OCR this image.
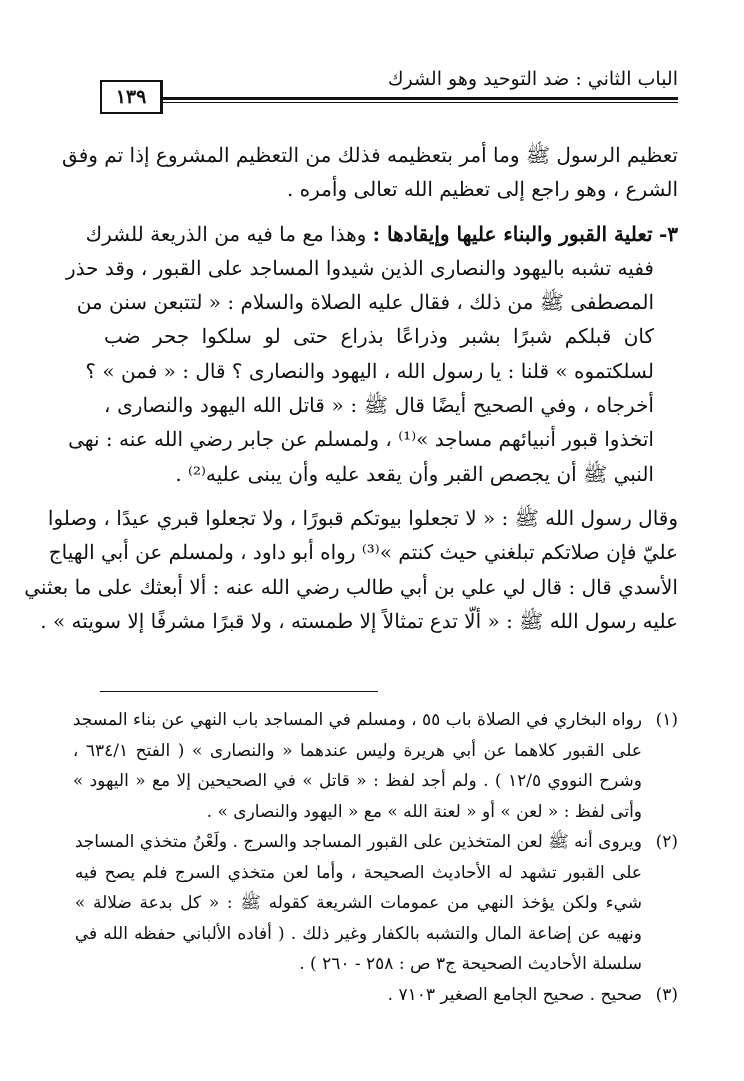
الباب الثاني : ضد التوحيد وهو الشرك
١٣٩
تعظيم الرسول ﷺ وما أمر بتعظيمه فذلك من التعظيم المشروع إذا تم وفق
الشرع ، وهو راجع إلى تعظيم الله تعالى وأمره .
٣- تعلية القبور والبناء عليها وإيقادها : وهذا مع ما فيه من الذريعة للشرك
ففيه تشبه باليهود والنصارى الذين شيدوا المساجد على القبور ، وقد حذر
المصطفى ﷺ من ذلك ، فقال عليه الصلاة والسلام : « لتتبعن سنن من
كان قبلكم شبرًا بشبر وذراعًا بذراع حتى لو سلكوا جحر ضب
لسلكتموه » قلنا : يا رسول الله ، اليهود والنصارى ؟ قال : « فمن » ؟
أخرجاه ، وفي الصحيح أيضًا قال ﷺ : « قاتل الله اليهود والنصارى ،
اتخذوا قبور أنبيائهم مساجد »⁽¹⁾ ، ولمسلم عن جابر رضي الله عنه : نهى
النبي ﷺ أن يجصص القبر وأن يقعد عليه وأن يبنى عليه⁽²⁾ .
وقال رسول الله ﷺ : « لا تجعلوا بيوتكم قبورًا ، ولا تجعلوا قبري عيدًا ، وصلوا
عليّ فإن صلاتكم تبلغني حيث كنتم »⁽³⁾ رواه أبو داود ، ولمسلم عن أبي الهياج
الأسدي قال : قال لي علي بن أبي طالب رضي الله عنه : ألا أبعثك على ما بعثني
عليه رسول الله ﷺ : « ألّا تدع تمثالاً إلا طمسته ، ولا قبرًا مشرفًا إلا سويته » .
(١)
رواه البخاري في الصلاة باب ٥٥ ، ومسلم في المساجد باب النهي عن بناء المسجد
على القبور كلاهما عن أبي هريرة وليس عندهما « والنصارى » ( الفتح ٦٣٤/١ ،
وشرح النووي ١٢/٥ ) . ولم أجد لفظ : « قاتل » في الصحيحين إلا مع « اليهود »
وأتى لفظ : « لعن » أو « لعنة الله » مع « اليهود والنصارى » .
(٢)
ويروى أنه ﷺ لعن المتخذين على القبور المساجد والسرج . ولَعْنُ متخذي المساجد
على القبور تشهد له الأحاديث الصحيحة ، وأما لعن متخذي السرج فلم يصح فيه
شيء ولكن يؤخذ النهي من عمومات الشريعة كقوله ﷺ : « كل بدعة ضلالة »
ونهيه عن إضاعة المال والتشبه بالكفار وغير ذلك . ( أفاده الألباني حفظه الله في
سلسلة الأحاديث الصحيحة ج٣ ص : ٢٥٨ - ٢٦٠ ) .
(٣)
صحيح . صحيح الجامع الصغير ٧١٠٣ .
